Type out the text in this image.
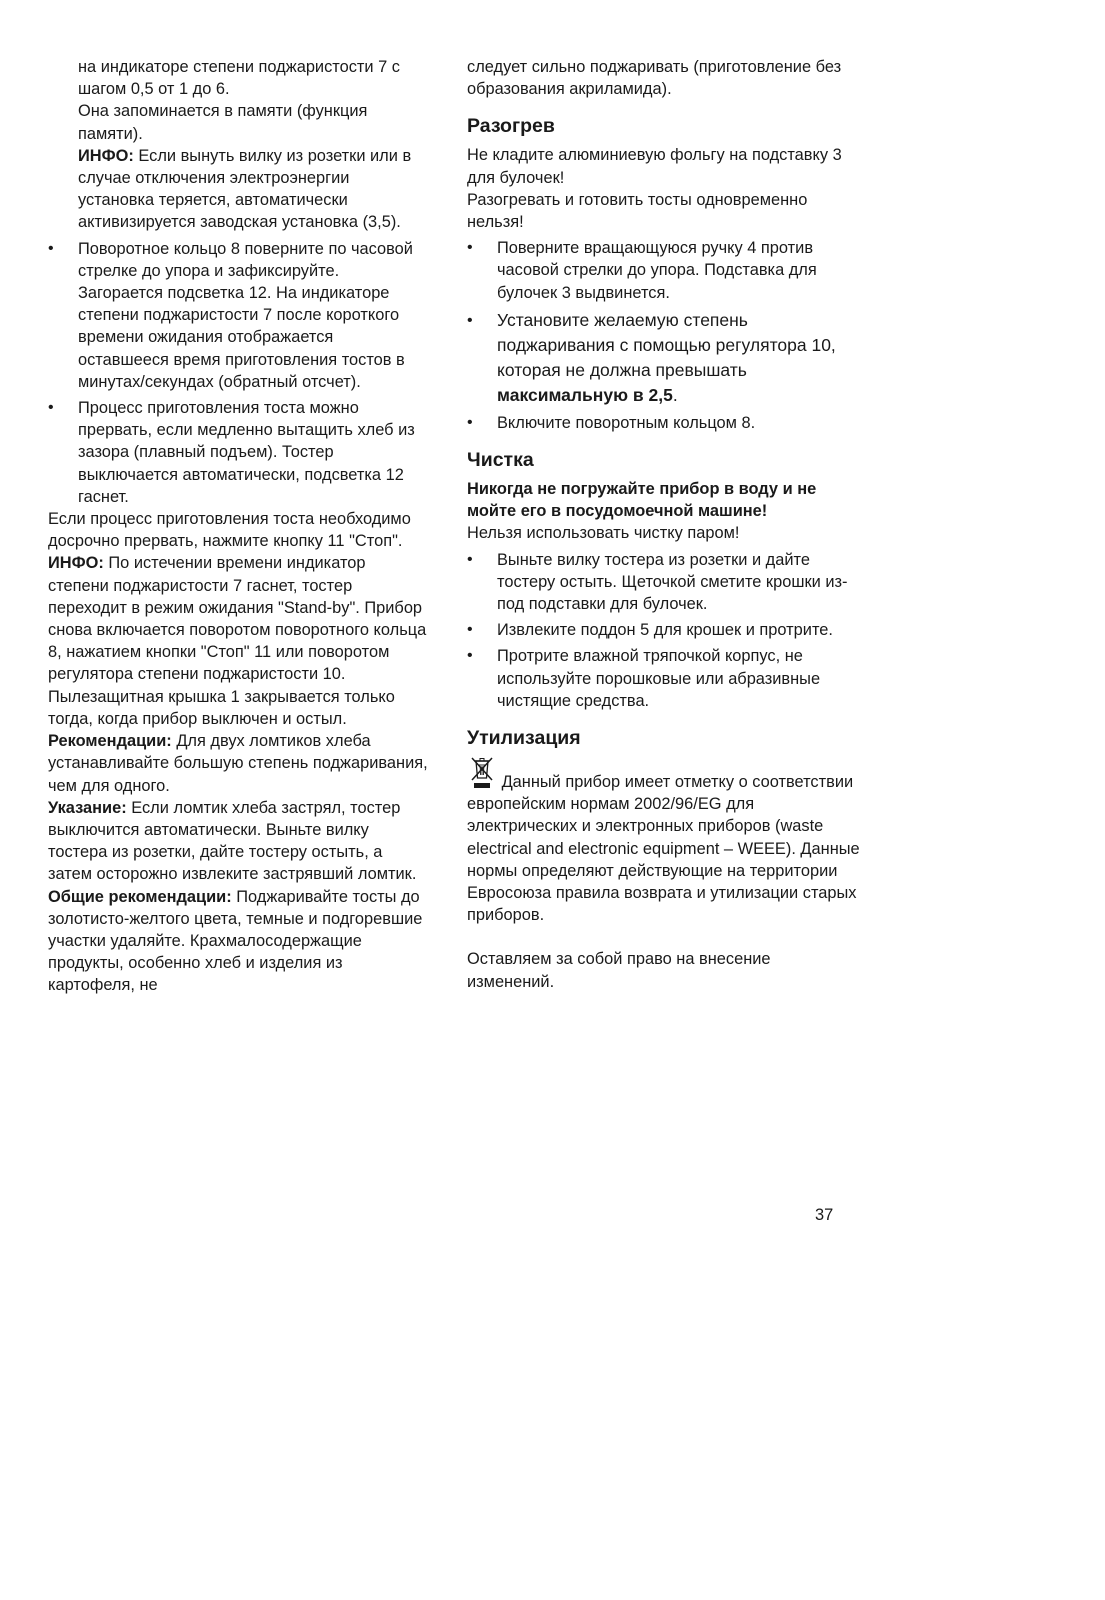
на индикаторе степени поджаристости 7 с шагом 0,5 от 1 до 6.

Она запоминается в памяти (функция памяти).

ИНФО: Если вынуть вилку из розетки или в случае отключения электроэнергии установка теряется, автоматически активизируется заводская установка (3,5).

• Поворотное кольцо 8 поверните по часовой стрелке до упора и зафиксируйте. Загорается подсветка 12. На индикаторе степени поджаристости 7 после короткого времени ожидания отображается оставшееся время приготовления тостов в минутах/секундах (обратный отсчет).
• Процесс приготовления тоста можно прервать, если медленно вытащить хлеб из зазора (плавный подъем). Тостер выключается автоматически, подсветка 12 гаснет.

Если процесс приготовления тоста необходимо досрочно прервать, нажмите кнопку 11 "Стоп".

ИНФО: По истечении времени индикатор степени поджаристости 7 гаснет, тостер переходит в режим ожидания "Stand-by". Прибор снова включается поворотом поворотного кольца 8, нажатием кнопки "Стоп" 11 или поворотом регулятора степени поджаристости 10.

Пылезащитная крышка 1 закрывается только тогда, когда прибор выключен и остыл.

Рекомендации: Для двух ломтиков хлеба устанавливайте большую степень поджаривания, чем для одного.

Указание: Если ломтик хлеба застрял, тостер выключится автоматически. Выньте вилку тостера из розетки, дайте тостеру остыть, а затем осторожно извлеките застрявший ломтик.

Общие рекомендации: Поджаривайте тосты до золотисто-желтого цвета, темные и подгоревшие участки удаляйте. Крахмалосодержащие продукты, особенно хлеб и изделия из картофеля, не

следует сильно поджаривать (приготовление без образования акриламида).

Разогрев

Не кладите алюминиевую фольгу на подставку 3 для булочек!

Разогревать и готовить тосты одновременно нельзя!

• Поверните вращающуюся ручку 4 против часовой стрелки до упора. Подставка для булочек 3 выдвинется.
• Установите желаемую степень поджаривания с помощью регулятора 10, которая не должна превышать максимальную в 2,5.
• Включите поворотным кольцом 8.
Чистка

Никогда не погружайте прибор в воду и не мойте его в посудомоечной машине!

Нельзя использовать чистку паром!

• Выньте вилку тостера из розетки и дайте тостеру остыть. Щеточкой сметите крошки из-под подставки для булочек.
• Извлеките поддон 5 для крошек и протрите.
• Протрите влажной тряпочкой корпус, не используйте порошковые или абразивные чистящие средства.
Утилизация

Данный прибор имеет отметку о соответствии европейским нормам 2002/96/EG для электрических и электронных приборов (waste electrical and electronic equipment – WEEE). Данные нормы определяют действующие на территории Евросоюза правила возврата и утилизации старых приборов.

Оставляем за собой право на внесение изменений.

37
